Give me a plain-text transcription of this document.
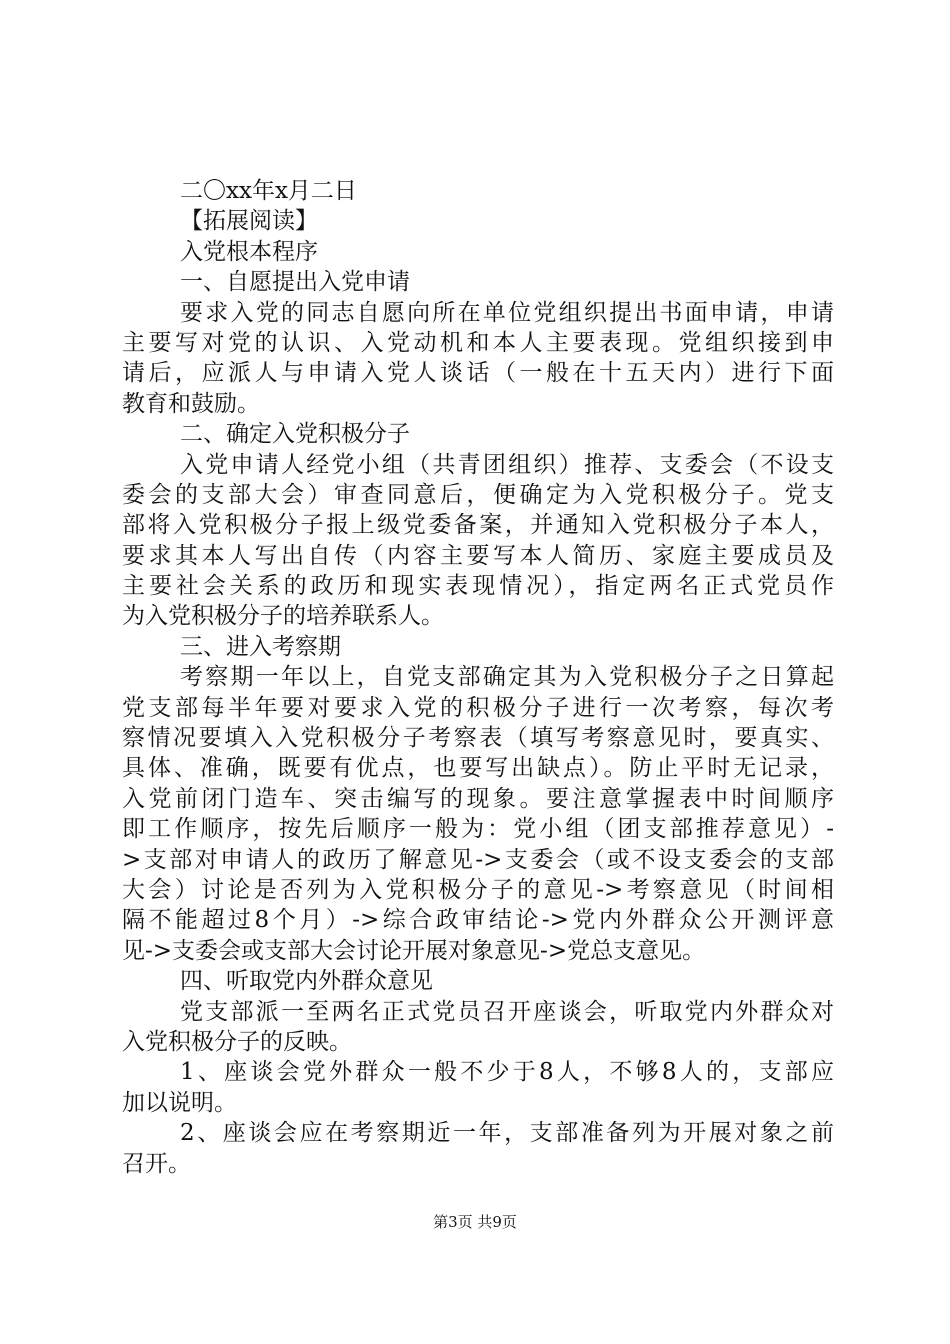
二〇xx年x月二日
【拓展阅读】
入党根本程序
一、自愿提出入党申请
要求入党的同志自愿向所在单位党组织提出书面申请，申请
主要写对党的认识、入党动机和本人主要表现。党组织接到申
请后，应派人与申请入党人谈话（一般在十五天内）进行下面
教育和鼓励。
二、确定入党积极分子
入党申请人经党小组（共青团组织）推荐、支委会（不设支
委会的支部大会）审查同意后，便确定为入党积极分子。党支
部将入党积极分子报上级党委备案，并通知入党积极分子本人，
要求其本人写出自传（内容主要写本人简历、家庭主要成员及
主要社会关系的政历和现实表现情况），指定两名正式党员作
为入党积极分子的培养联系人。
三、进入考察期
考察期一年以上，自党支部确定其为入党积极分子之日算起
党支部每半年要对要求入党的积极分子进行一次考察，每次考
察情况要填入入党积极分子考察表（填写考察意见时，要真实、
具体、准确，既要有优点，也要写出缺点）。防止平时无记录，
入党前闭门造车、突击编写的现象。要注意掌握表中时间顺序
即工作顺序，按先后顺序一般为：党小组（团支部推荐意见）-
>支部对申请人的政历了解意见->支委会（或不设支委会的支部
大会）讨论是否列为入党积极分子的意见->考察意见（时间相
隔不能超过8个月）->综合政审结论->党内外群众公开测评意
见->支委会或支部大会讨论开展对象意见->党总支意见。
四、听取党内外群众意见
党支部派一至两名正式党员召开座谈会，听取党内外群众对
入党积极分子的反映。
1、座谈会党外群众一般不少于8人，不够8人的，支部应
加以说明。
2、座谈会应在考察期近一年，支部准备列为开展对象之前
召开。
第3页 共9页
